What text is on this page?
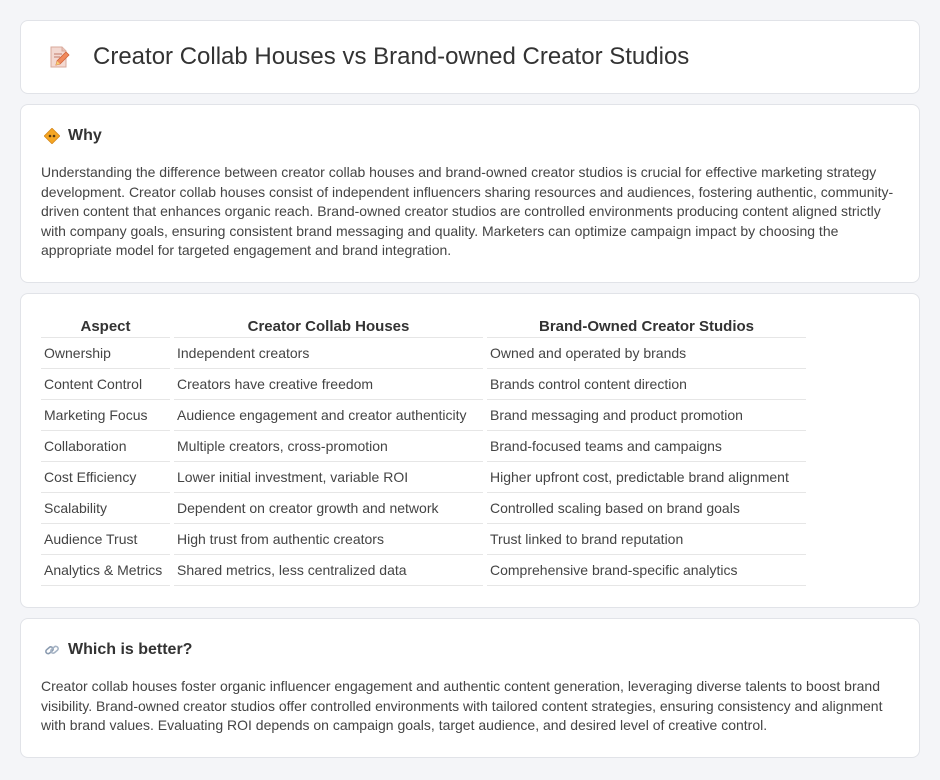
Creator Collab Houses vs Brand-owned Creator Studios
Why

Understanding the difference between creator collab houses and brand-owned creator studios is crucial for effective marketing strategy development. Creator collab houses consist of independent influencers sharing resources and audiences, fostering authentic, community-driven content that enhances organic reach. Brand-owned creator studios are controlled environments producing content aligned strictly with company goals, ensuring consistent brand messaging and quality. Marketers can optimize campaign impact by choosing the appropriate model for targeted engagement and brand integration.

Aspect	Creator Collab Houses	Brand-Owned Creator Studios
Ownership	Independent creators	Owned and operated by brands
Content Control	Creators have creative freedom	Brands control content direction
Marketing Focus	Audience engagement and creator authenticity	Brand messaging and product promotion
Collaboration	Multiple creators, cross-promotion	Brand-focused teams and campaigns
Cost Efficiency	Lower initial investment, variable ROI	Higher upfront cost, predictable brand alignment
Scalability	Dependent on creator growth and network	Controlled scaling based on brand goals
Audience Trust	High trust from authentic creators	Trust linked to brand reputation
Analytics & Metrics	Shared metrics, less centralized data	Comprehensive brand-specific analytics
Which is better?

Creator collab houses foster organic influencer engagement and authentic content generation, leveraging diverse talents to boost brand visibility. Brand-owned creator studios offer controlled environments with tailored content strategies, ensuring consistency and alignment with brand values. Evaluating ROI depends on campaign goals, target audience, and desired level of creative control.
